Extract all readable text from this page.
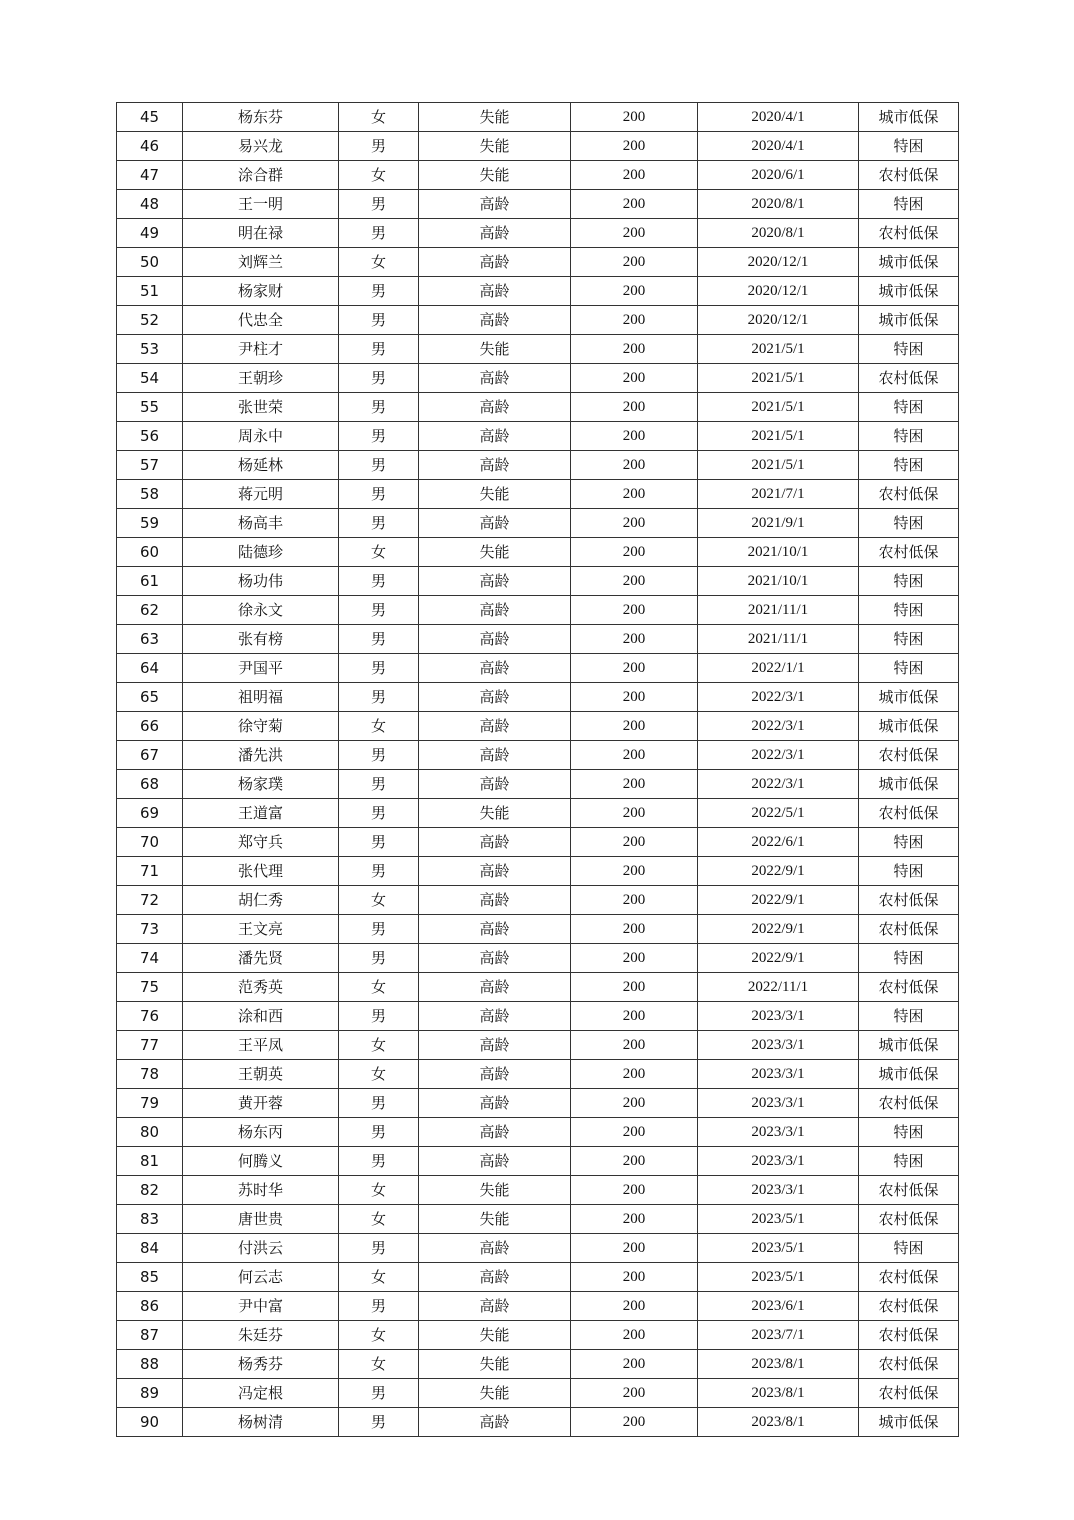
45	杨东芬	女	失能	200	2020/4/1	城市低保
46	易兴龙	男	失能	200	2020/4/1	特困
47	涂合群	女	失能	200	2020/6/1	农村低保
48	王一明	男	高龄	200	2020/8/1	特困
49	明在禄	男	高龄	200	2020/8/1	农村低保
50	刘辉兰	女	高龄	200	2020/12/1	城市低保
51	杨家财	男	高龄	200	2020/12/1	城市低保
52	代忠全	男	高龄	200	2020/12/1	城市低保
53	尹柱才	男	失能	200	2021/5/1	特困
54	王朝珍	男	高龄	200	2021/5/1	农村低保
55	张世荣	男	高龄	200	2021/5/1	特困
56	周永中	男	高龄	200	2021/5/1	特困
57	杨延林	男	高龄	200	2021/5/1	特困
58	蒋元明	男	失能	200	2021/7/1	农村低保
59	杨高丰	男	高龄	200	2021/9/1	特困
60	陆德珍	女	失能	200	2021/10/1	农村低保
61	杨功伟	男	高龄	200	2021/10/1	特困
62	徐永文	男	高龄	200	2021/11/1	特困
63	张有榜	男	高龄	200	2021/11/1	特困
64	尹国平	男	高龄	200	2022/1/1	特困
65	祖明福	男	高龄	200	2022/3/1	城市低保
66	徐守菊	女	高龄	200	2022/3/1	城市低保
67	潘先洪	男	高龄	200	2022/3/1	农村低保
68	杨家璞	男	高龄	200	2022/3/1	城市低保
69	王道富	男	失能	200	2022/5/1	农村低保
70	郑守兵	男	高龄	200	2022/6/1	特困
71	张代理	男	高龄	200	2022/9/1	特困
72	胡仁秀	女	高龄	200	2022/9/1	农村低保
73	王文亮	男	高龄	200	2022/9/1	农村低保
74	潘先贤	男	高龄	200	2022/9/1	特困
75	范秀英	女	高龄	200	2022/11/1	农村低保
76	涂和西	男	高龄	200	2023/3/1	特困
77	王平凤	女	高龄	200	2023/3/1	城市低保
78	王朝英	女	高龄	200	2023/3/1	城市低保
79	黄开蓉	男	高龄	200	2023/3/1	农村低保
80	杨东丙	男	高龄	200	2023/3/1	特困
81	何腾义	男	高龄	200	2023/3/1	特困
82	苏时华	女	失能	200	2023/3/1	农村低保
83	唐世贵	女	失能	200	2023/5/1	农村低保
84	付洪云	男	高龄	200	2023/5/1	特困
85	何云志	女	高龄	200	2023/5/1	农村低保
86	尹中富	男	高龄	200	2023/6/1	农村低保
87	朱廷芬	女	失能	200	2023/7/1	农村低保
88	杨秀芬	女	失能	200	2023/8/1	农村低保
89	冯定根	男	失能	200	2023/8/1	农村低保
90	杨树清	男	高龄	200	2023/8/1	城市低保
